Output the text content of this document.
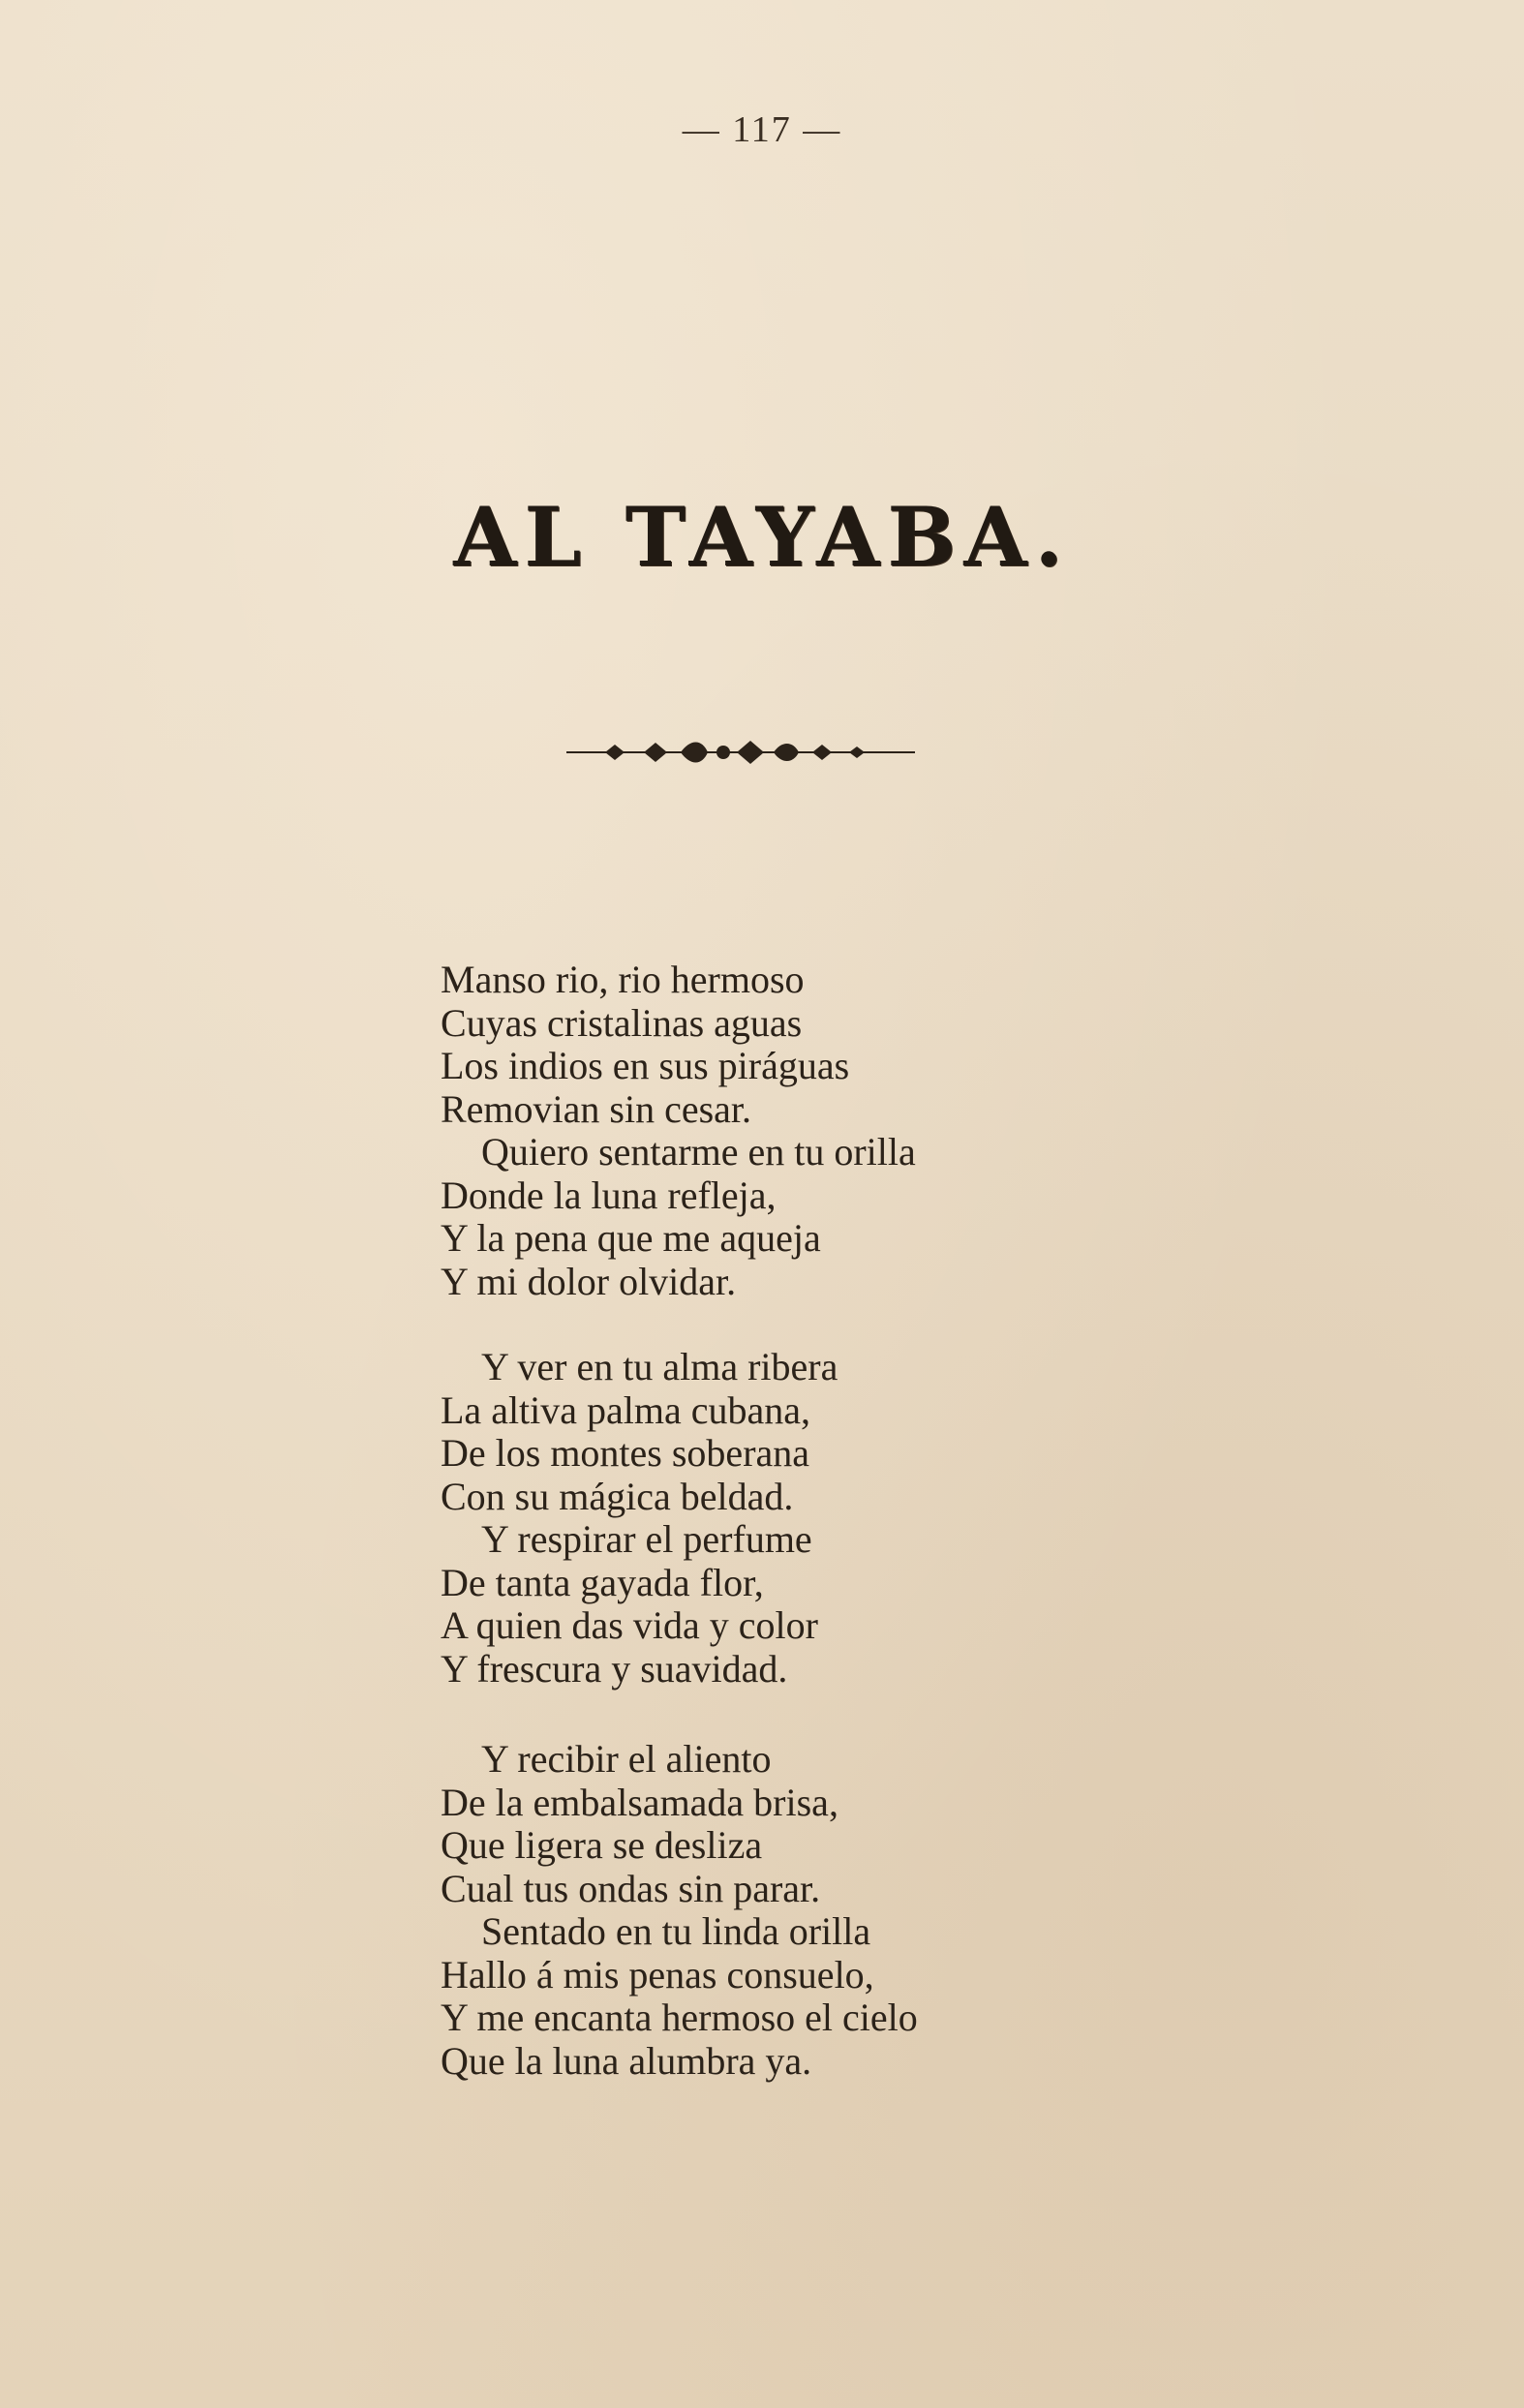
— 117 —
AL TAYABA.
Manso rio, rio hermoso
Cuyas cristalinas aguas
Los indios en sus piráguas
Removian sin cesar.
Quiero sentarme en tu orilla
Donde la luna refleja,
Y la pena que me aqueja
Y mi dolor olvidar.
Y ver en tu alma ribera
La altiva palma cubana,
De los montes soberana
Con su mágica beldad.
Y respirar el perfume
De tanta gayada flor,
A quien das vida y color
Y frescura y suavidad.
Y recibir el aliento
De la embalsamada brisa,
Que ligera se desliza
Cual tus ondas sin parar.
Sentado en tu linda orilla
Hallo á mis penas consuelo,
Y me encanta hermoso el cielo
Que la luna alumbra ya.
